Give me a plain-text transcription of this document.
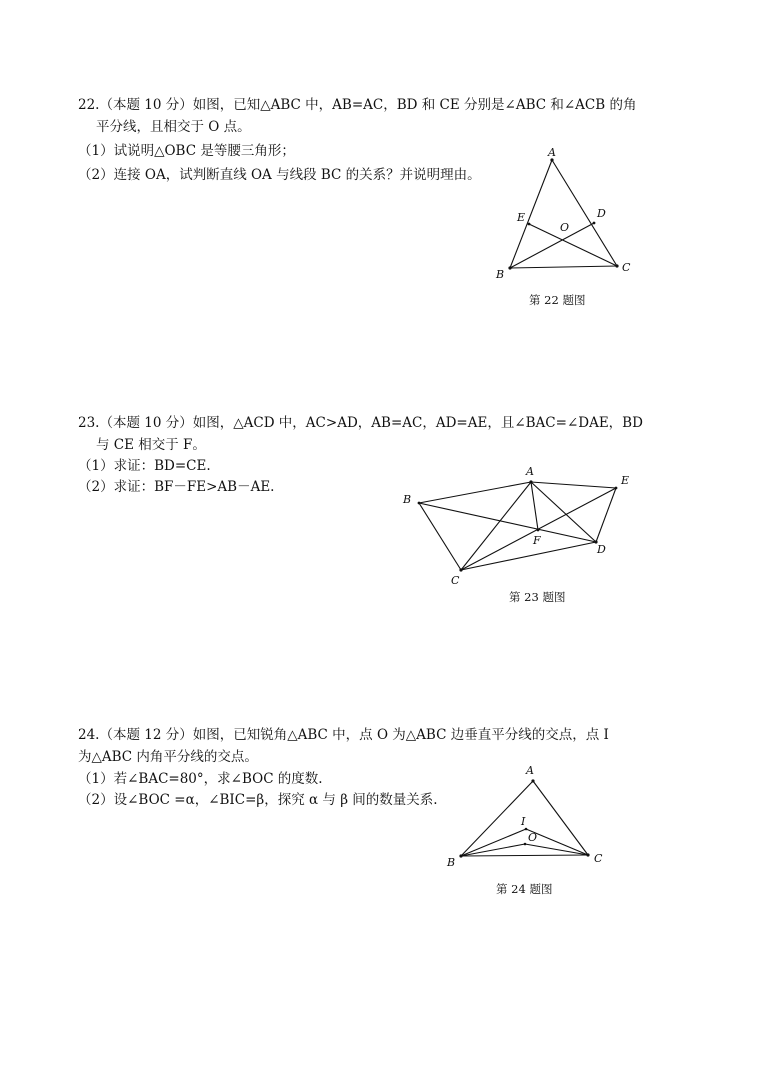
22.（本题 10 分）如图，已知△ABC 中，AB=AC，BD 和 CE 分别是∠ABC 和∠ACB 的角
平分线，且相交于 O 点。
（1）试说明△OBC 是等腰三角形；
（2）连接 OA，试判断直线 OA 与线段 BC 的关系？并说明理由。
A
B
C
D
E
O
第 22 题图
23.（本题 10 分）如图，△ACD 中，AC>AD，AB=AC，AD=AE，且∠BAC=∠DAE，BD
与 CE 相交于 F。
（1）求证：BD=CE.
（2）求证：BF－FE>AB－AE.
A
B
C
D
E
F
第 23 题图
24.（本题 12 分）如图，已知锐角△ABC 中，点 O 为△ABC 边垂直平分线的交点，点 I
为△ABC 内角平分线的交点。
（1）若∠BAC=80°，求∠BOC 的度数.
（2）设∠BOC =α，∠BIC=β，探究 α 与 β 间的数量关系.
A
B	C
I
O
第 24 题图
